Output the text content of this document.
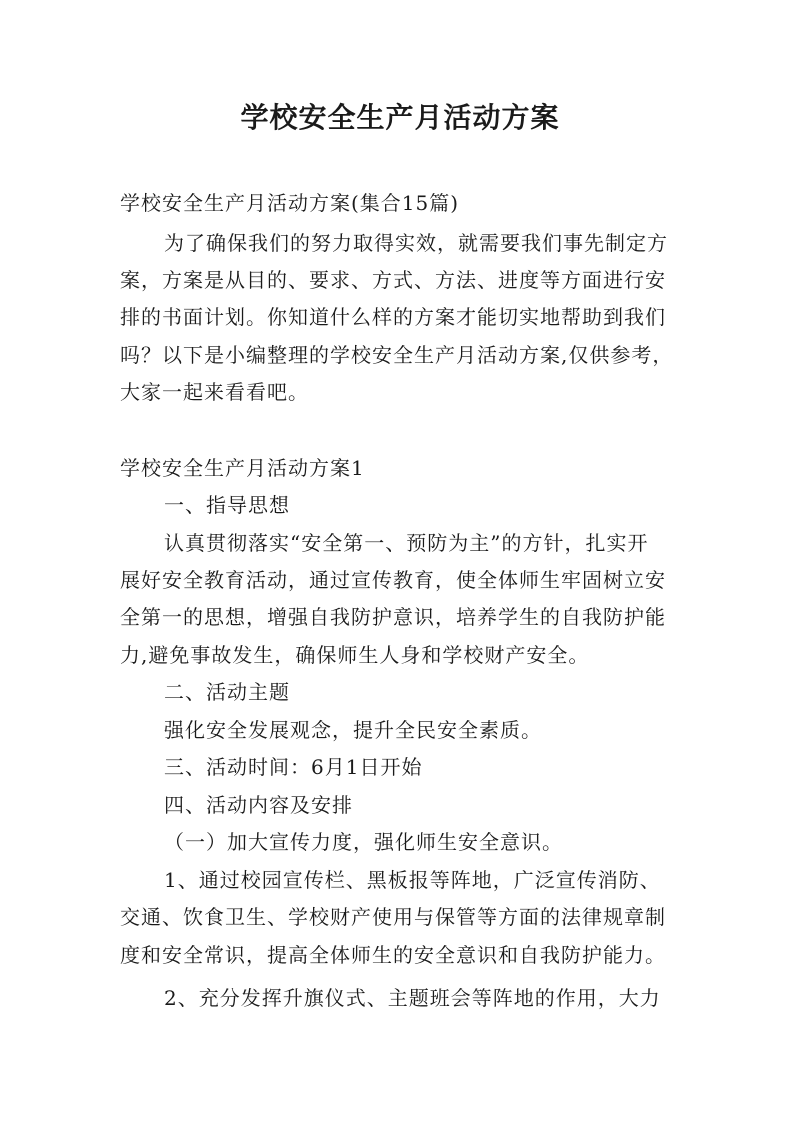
学校安全生产月活动方案
学校安全生产月活动方案(集合15篇)
为了确保我们的努力取得实效，就需要我们事先制定方
案，方案是从目的、要求、方式、方法、进度等方面进行安
排的书面计划。你知道什么样的方案才能切实地帮助到我们
吗？以下是小编整理的学校安全生产月活动方案,仅供参考，
大家一起来看看吧。
学校安全生产月活动方案1
一、指导思想
认真贯彻落实“安全第一、预防为主”的方针，扎实开
展好安全教育活动，通过宣传教育，使全体师生牢固树立安
全第一的思想，增强自我防护意识，培养学生的自我防护能
力,避免事故发生，确保师生人身和学校财产安全。
二、活动主题
强化安全发展观念，提升全民安全素质。
三、活动时间：6月1日开始
四、活动内容及安排
（一）加大宣传力度，强化师生安全意识。
1、通过校园宣传栏、黑板报等阵地，广泛宣传消防、
交通、饮食卫生、学校财产使用与保管等方面的法律规章制
度和安全常识，提高全体师生的安全意识和自我防护能力。
2、充分发挥升旗仪式、主题班会等阵地的作用，大力
